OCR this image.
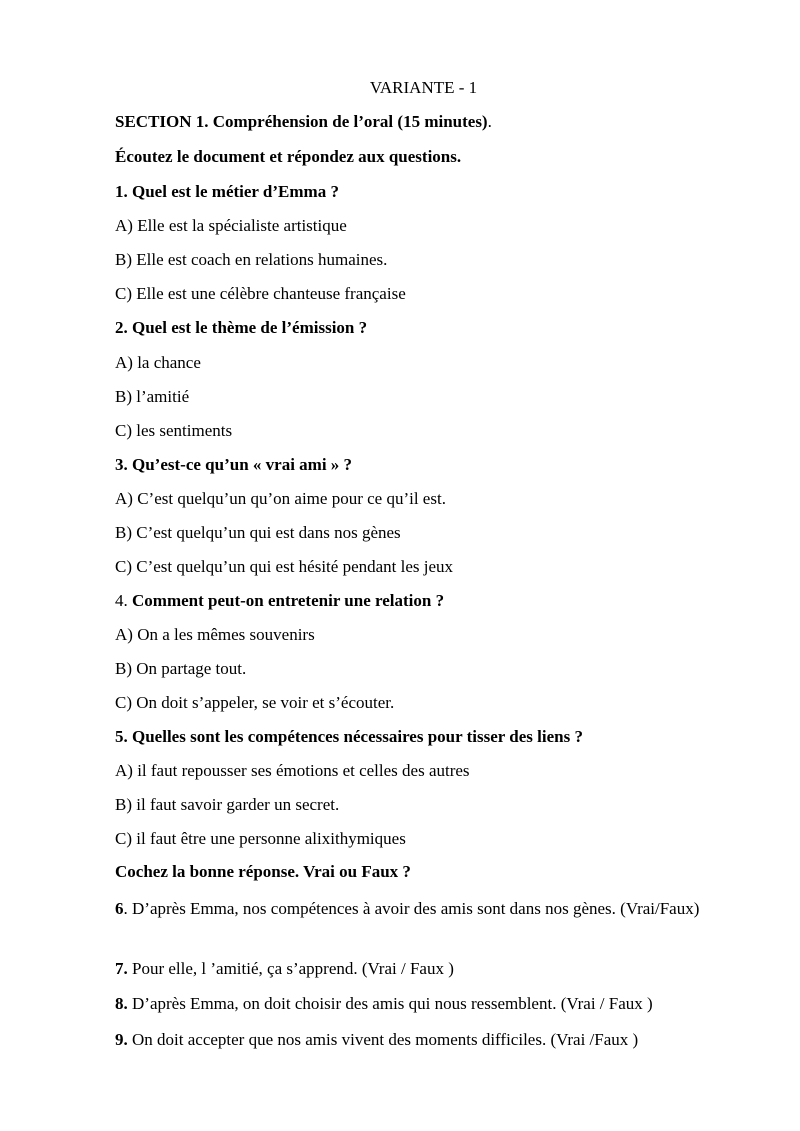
VARIANTE - 1
SECTION 1. Compréhension de l’oral (15 minutes).
Écoutez le document et répondez aux questions.
1. Quel est le métier d’Emma ?
A) Elle est la spécialiste artistique
B) Elle est coach en relations humaines.
C) Elle est une célèbre chanteuse française
2. Quel est le thème de l’émission ?
A) la chance
B) l’amitié
C) les sentiments
3. Qu’est-ce qu’un « vrai ami » ?
A) C’est quelqu’un qu’on aime pour ce qu’il est.
B) C’est quelqu’un qui est dans nos gènes
C) C’est quelqu’un qui est hésité pendant les jeux
4. Comment peut-on entretenir une relation ?
A) On a les mêmes souvenirs
B) On partage tout.
C) On doit s’appeler, se voir et s’écouter.
5. Quelles sont les compétences nécessaires pour tisser des liens ?
A) il faut repousser ses émotions et celles des autres
B) il faut savoir garder un secret.
C) il faut être une personne alixithymiques
Cochez la bonne réponse. Vrai ou Faux ?
6. D’après Emma, nos compétences à avoir des amis sont dans nos gènes. (Vrai/Faux)
7. Pour elle, l ’amitié, ça s’apprend. (Vrai / Faux )
8. D’après Emma, on doit choisir des amis qui nous ressemblent. (Vrai / Faux )
9. On doit accepter que nos amis vivent des moments difficiles. (Vrai /Faux )
